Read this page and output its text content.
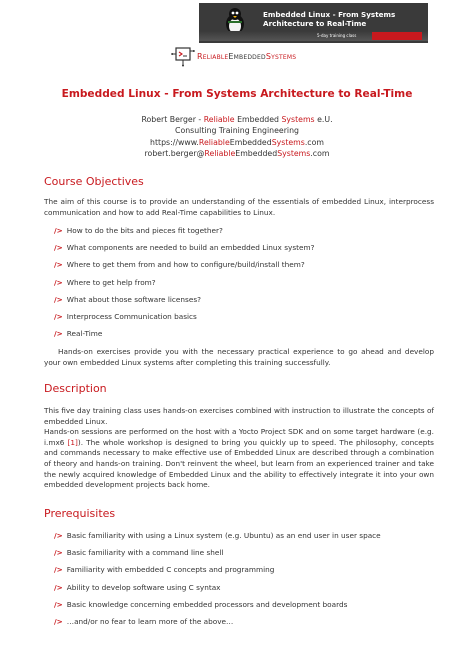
Embedded Linux - From Systems Architecture to Real-Time
5-day training class
ReliableEmbeddedSystems
Embedded Linux - From Systems Architecture to Real-Time
Robert Berger - Reliable Embedded Systems e.U.
Consulting Training Engineering
https://www.ReliableEmbeddedSystems.com
robert.berger@ReliableEmbeddedSystems.com
Course Objectives
The aim of this course is to provide an understanding of the essentials of embedded Linux, interprocess communication and how to add Real-Time capabilities to Linux.
/> How to do the bits and pieces fit together?
/> What components are needed to build an embedded Linux system?
/> Where to get them from and how to configure/build/install them?
/> Where to get help from?
/> What about those software licenses?
/> Interprocess Communication basics
/> Real-Time
Hands-on exercises provide you with the necessary practical experience to go ahead and develop your own embedded Linux systems after completing this training successfully.
Description
This five day training class uses hands-on exercises combined with instruction to illustrate the concepts of embedded Linux.
Hands-on sessions are performed on the host with a Yocto Project SDK and on some target hardware (e.g. i.mx6 [1]). The whole workshop is designed to bring you quickly up to speed. The philosophy, concepts and commands necessary to make effective use of Embedded Linux are described through a combination of theory and hands-on training. Don't reinvent the wheel, but learn from an experienced trainer and take the newly acquired knowledge of Embedded Linux and the ability to effectively integrate it into your own embedded development projects back home.
Prerequisites
/> Basic familiarity with using a Linux system (e.g. Ubuntu) as an end user in user space
/> Basic familiarity with a command line shell
/> Familiarity with embedded C concepts and programming
/> Ability to develop software using C syntax
/> Basic knowledge concerning embedded processors and development boards
/> …and/or no fear to learn more of the above…
